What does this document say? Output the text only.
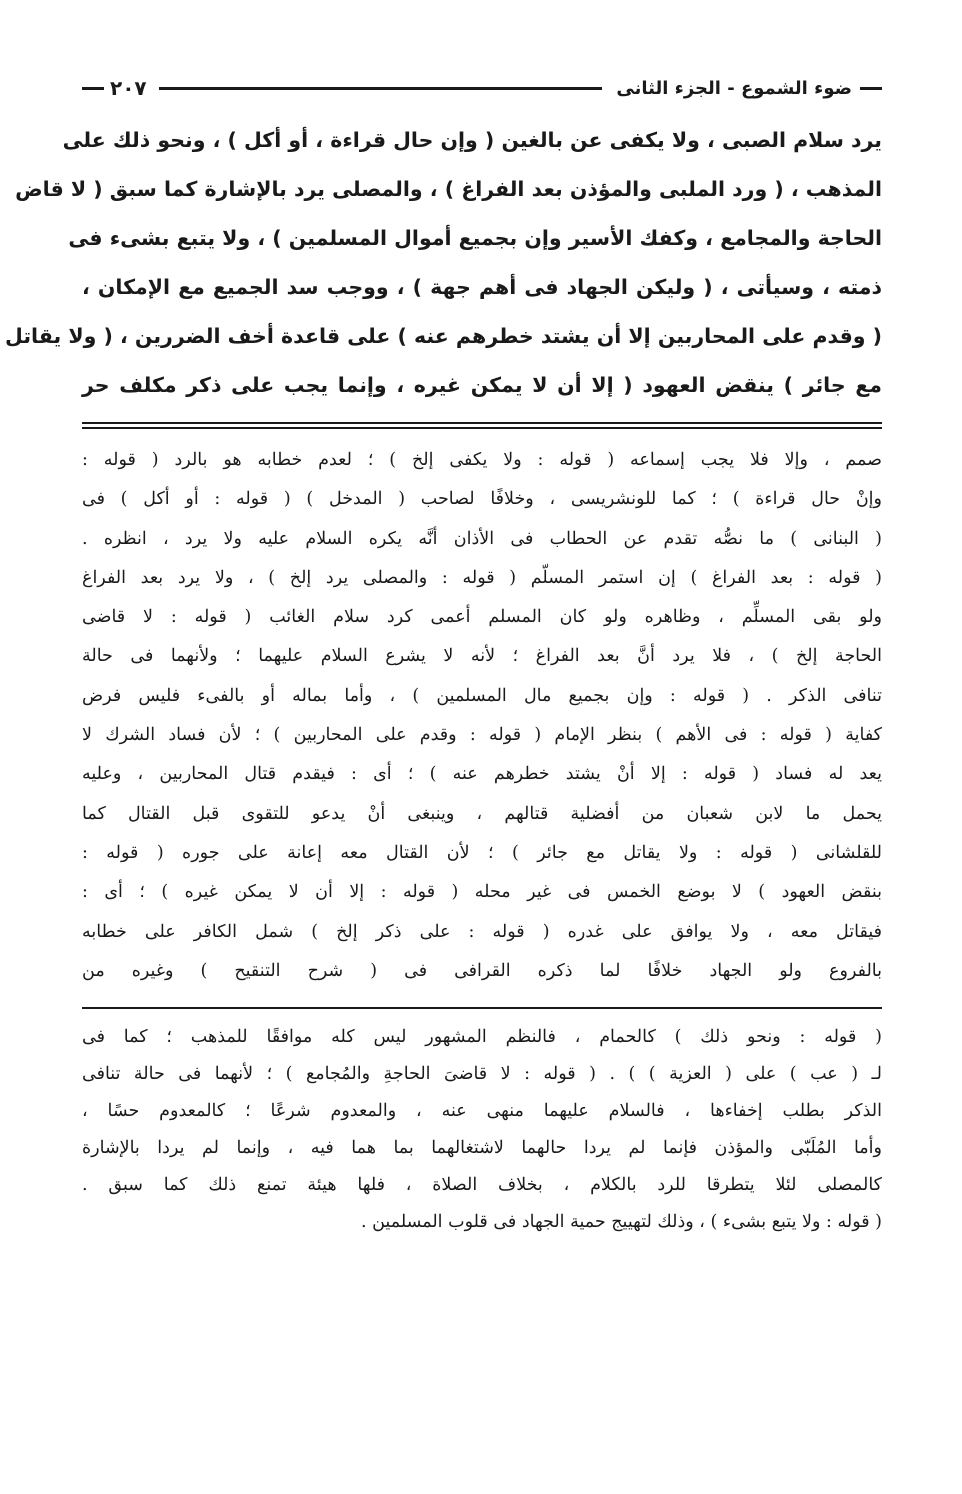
ضوء الشموع - الجزء الثانى
٢٠٧

يرد سلام الصبى ، ولا يكفى عن بالغين ( وإن حال قراءة ، أو أكل ) ، ونحو ذلك على

المذهب ، ( ورد الملبى والمؤذن بعد الفراغ ) ، والمصلى يرد بالإشارة كما سبق ( لا قاض

الحاجة والمجامع ، وكفك الأسير وإن بجميع أموال المسلمين ) ، ولا يتبع بشىء فى

ذمته ، وسيأتى ، ( وليكن الجهاد فى أهم جهة ) ، ووجب سد الجميع مع الإمكان ،

( وقدم على المحاربين إلا أن يشتد خطرهم عنه ) على قاعدة أخف الضررين ، ( ولا يقاتل

مع جائر ) ينقض العهود ( إلا أن لا يمكن غيره ، وإنما يجب على ذكر مكلف حر

صمم ، وإلا فلا يجب إسماعه ( قوله : ولا يكفى إلخ ) ؛ لعدم خطابه هو بالرد ( قوله :

وإنْ حال قراءة ) ؛ كما للونشريسى ، وخلافًا لصاحب ( المدخل ) ( قوله : أو أكل ) فى

( البنانى ) ما نصُّه تقدم عن الحطاب فى الأذان أنَّه يكره السلام عليه ولا يرد ، انظره .

( قوله : بعد الفراغ ) إن استمر المسلّم ( قوله : والمصلى يرد إلخ ) ، ولا يرد بعد الفراغ

ولو بقى المسلِّم ، وظاهره ولو كان المسلم أعمى كرد سلام الغائب ( قوله : لا قاضى

الحاجة إلخ ) ، فلا يرد أنَّ بعد الفراغ ؛ لأنه لا يشرع السلام عليهما ؛ ولأنهما فى حالة

تنافى الذكر . ( قوله : وإن بجميع مال المسلمين ) ، وأما بماله أو بالفىء فليس فرض

كفاية ( قوله : فى الأهم ) بنظر الإمام ( قوله : وقدم على المحاربين ) ؛ لأن فساد الشرك لا

يعد له فساد ( قوله : إلا أنْ يشتد خطرهم عنه ) ؛ أى : فيقدم قتال المحاربين ، وعليه

يحمل ما لابن شعبان من أفضلية قتالهم ، وينبغى أنْ يدعو للتقوى قبل القتال كما

للقلشانى ( قوله : ولا يقاتل مع جائر ) ؛ لأن القتال معه إعانة على جوره ( قوله :

بنقض العهود ) لا بوضع الخمس فى غير محله ( قوله : إلا أن لا يمكن غيره ) ؛ أى :

فيقاتل معه ، ولا يوافق على غدره ( قوله : على ذكر إلخ ) شمل الكافر على خطابه

بالفروع ولو الجهاد خلافًا لما ذكره القرافى فى ( شرح التنقيح ) وغيره من

( قوله : ونحو ذلك ) كالحمام ، فالنظم المشهور ليس كله موافقًا للمذهب ؛ كما فى

لـ ( عب ) على ( العزية ) ) . ( قوله : لا قاضىَ الحاجةِ والمُجامع ) ؛ لأنهما فى حالة تنافى

الذكر بطلب إخفاءها ، فالسلام عليهما منهى عنه ، والمعدوم شرعًا ؛ كالمعدوم حسًا ،

وأما المُلَبّى والمؤذن فإنما لم يردا حالهما لاشتغالهما بما هما فيه ، وإنما لم يردا بالإشارة

كالمصلى لئلا يتطرقا للرد بالكلام ، بخلاف الصلاة ، فلها هيئة تمنع ذلك كما سبق .

( قوله : ولا يتبع بشىء ) ، وذلك لتهييج حمية الجهاد فى قلوب المسلمين .
